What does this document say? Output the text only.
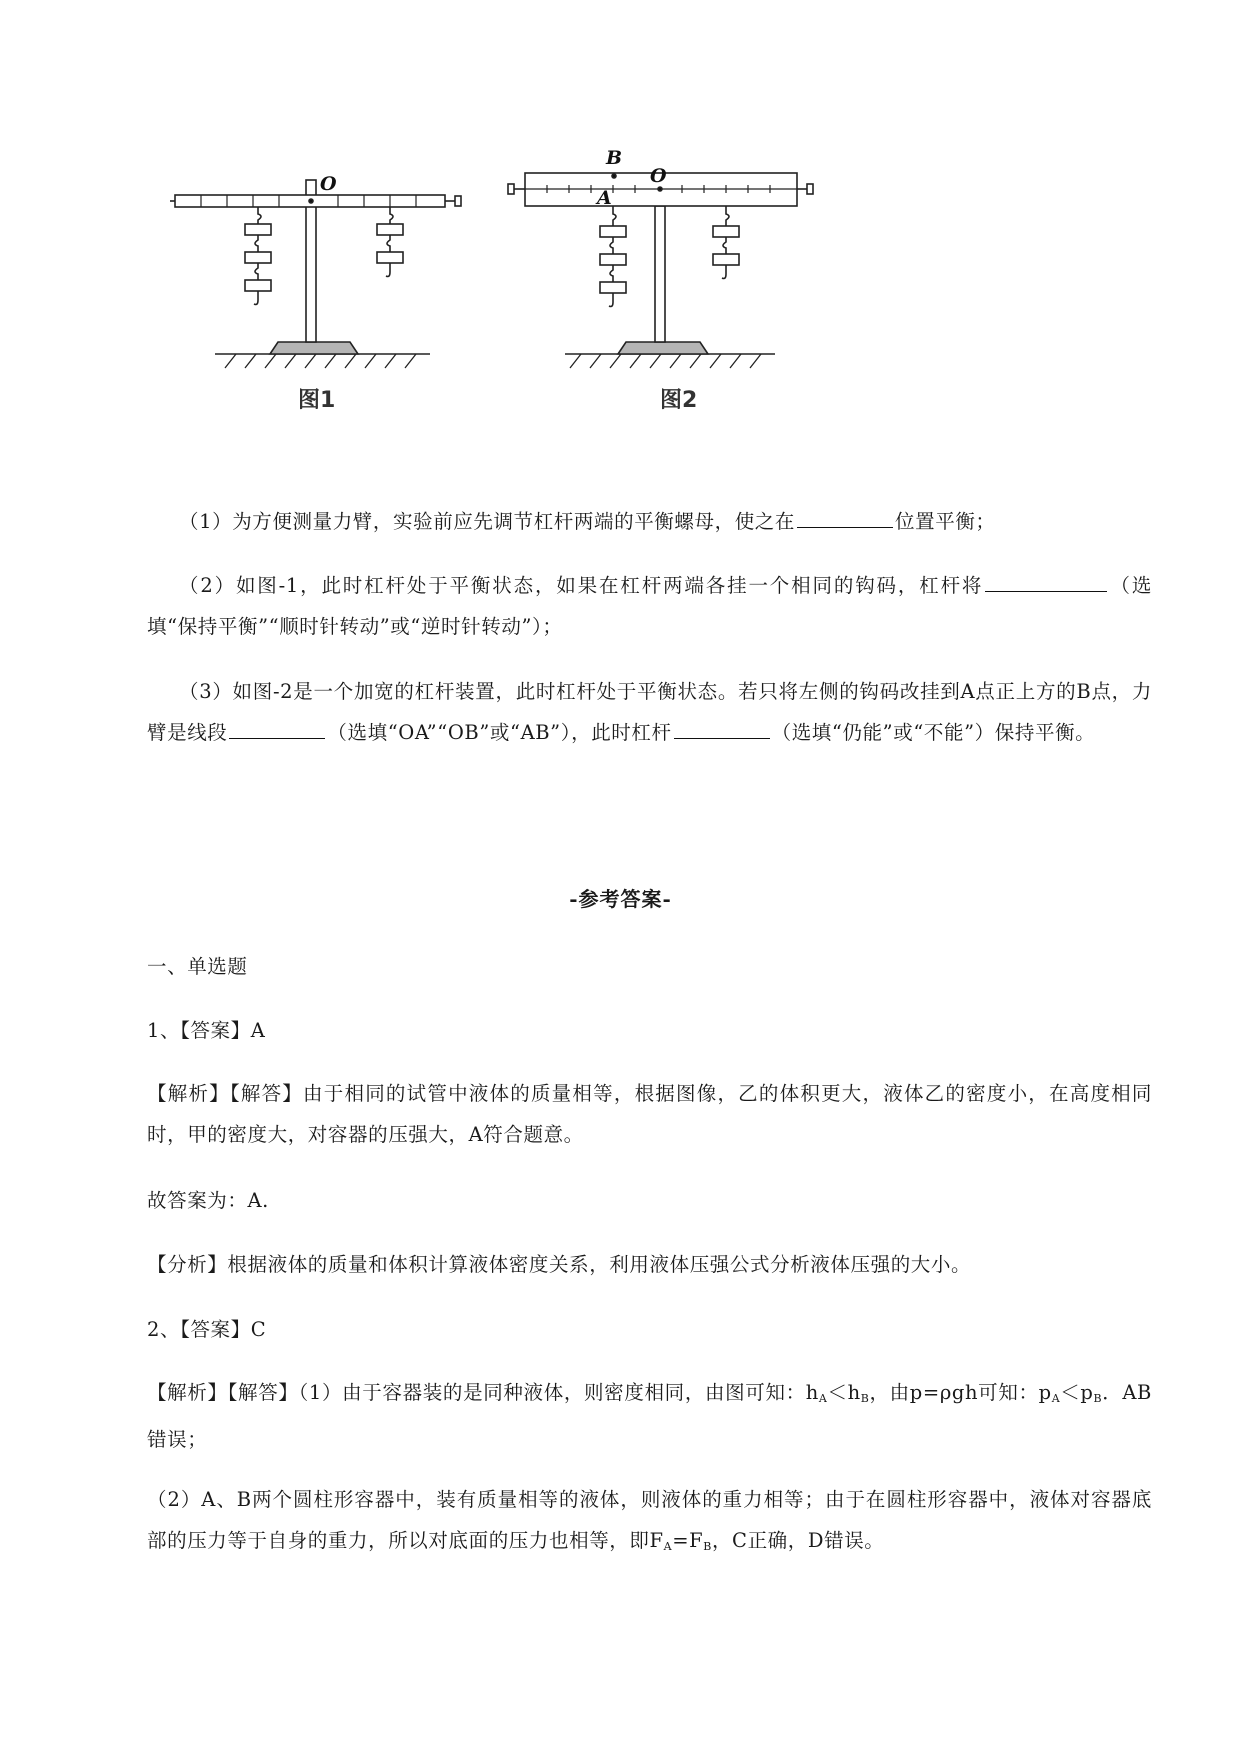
O
B
O
A
图1	图2

（1）为方便测量力臂，实验前应先调节杠杆两端的平衡螺母，使之在	位置平衡；

（2）如图-1，此时杠杆处于平衡状态，如果在杠杆两端各挂一个相同的钩码，杠杆将	（选填“保持平衡”“顺时针转动”或“逆时针转动”）；

（3）如图-2是一个加宽的杠杆装置，此时杠杆处于平衡状态。若只将左侧的钩码改挂到A点正上方的B点，力臂是线段	（选填“OA”“OB”或“AB”），此时杠杆	（选填“仍能”或“不能”）保持平衡。

-参考答案-

一、单选题

1、【答案】A

【解析】【解答】由于相同的试管中液体的质量相等，根据图像，乙的体积更大，液体乙的密度小，在高度相同时，甲的密度大，对容器的压强大，A符合题意。

故答案为：A.

【分析】根据液体的质量和体积计算液体密度关系，利用液体压强公式分析液体压强的大小。

2、【答案】C

【解析】【解答】（1）由于容器装的是同种液体，则密度相同，由图可知：$h_A<h_B$，由p=ρgh可知：$p_A<p_B$．AB错误；

（2）A、B两个圆柱形容器中，装有质量相等的液体，则液体的重力相等；由于在圆柱形容器中，液体对容器底部的压力等于自身的重力，所以对底面的压力也相等，即$F_A=F_B$，C正确，D错误。
